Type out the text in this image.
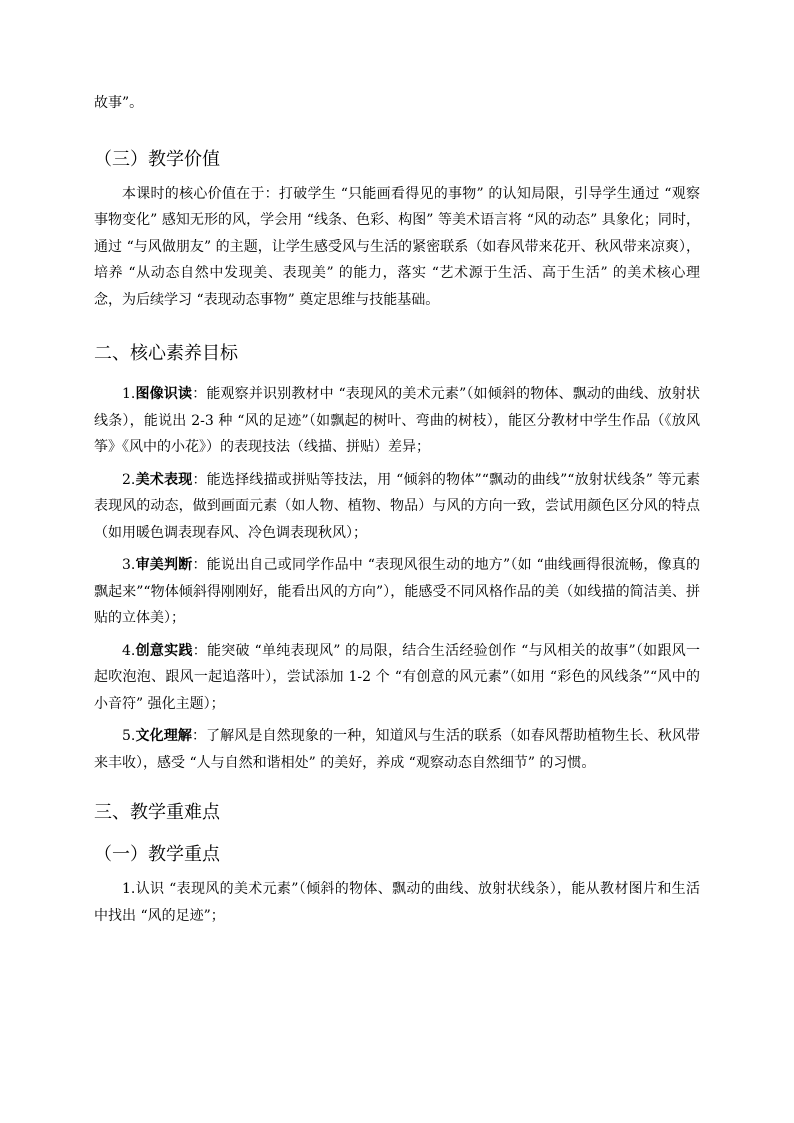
故事”。

（三）教学价值

本课时的核心价值在于：打破学生 “只能画看得见的事物” 的认知局限，引导学生通过 “观察事物变化” 感知无形的风，学会用 “线条、色彩、构图” 等美术语言将 “风的动态” 具象化；同时，通过 “与风做朋友” 的主题，让学生感受风与生活的紧密联系（如春风带来花开、秋风带来凉爽），培养 “从动态自然中发现美、表现美” 的能力，落实 “艺术源于生活、高于生活” 的美术核心理念，为后续学习 “表现动态事物” 奠定思维与技能基础。

二、核心素养目标

1.图像识读：能观察并识别教材中 “表现风的美术元素”（如倾斜的物体、飘动的曲线、放射状线条），能说出 2-3 种 “风的足迹”（如飘起的树叶、弯曲的树枝），能区分教材中学生作品（《放风筝》《风中的小花》）的表现技法（线描、拼贴）差异；

2.美术表现：能选择线描或拼贴等技法，用 “倾斜的物体”“飘动的曲线”“放射状线条” 等元素表现风的动态，做到画面元素（如人物、植物、物品）与风的方向一致，尝试用颜色区分风的特点（如用暖色调表现春风、冷色调表现秋风）；

3.审美判断：能说出自己或同学作品中 “表现风很生动的地方”（如 “曲线画得很流畅，像真的飘起来”“物体倾斜得刚刚好，能看出风的方向”），能感受不同风格作品的美（如线描的简洁美、拼贴的立体美）；

4.创意实践：能突破 “单纯表现风” 的局限，结合生活经验创作 “与风相关的故事”（如跟风一起吹泡泡、跟风一起追落叶），尝试添加 1-2 个 “有创意的风元素”（如用 “彩色的风线条”“风中的小音符” 强化主题）；

5.文化理解：了解风是自然现象的一种，知道风与生活的联系（如春风帮助植物生长、秋风带来丰收），感受 “人与自然和谐相处” 的美好，养成 “观察动态自然细节” 的习惯。

三、教学重难点
（一）教学重点

1.认识 “表现风的美术元素”（倾斜的物体、飘动的曲线、放射状线条），能从教材图片和生活中找出 “风的足迹”；
